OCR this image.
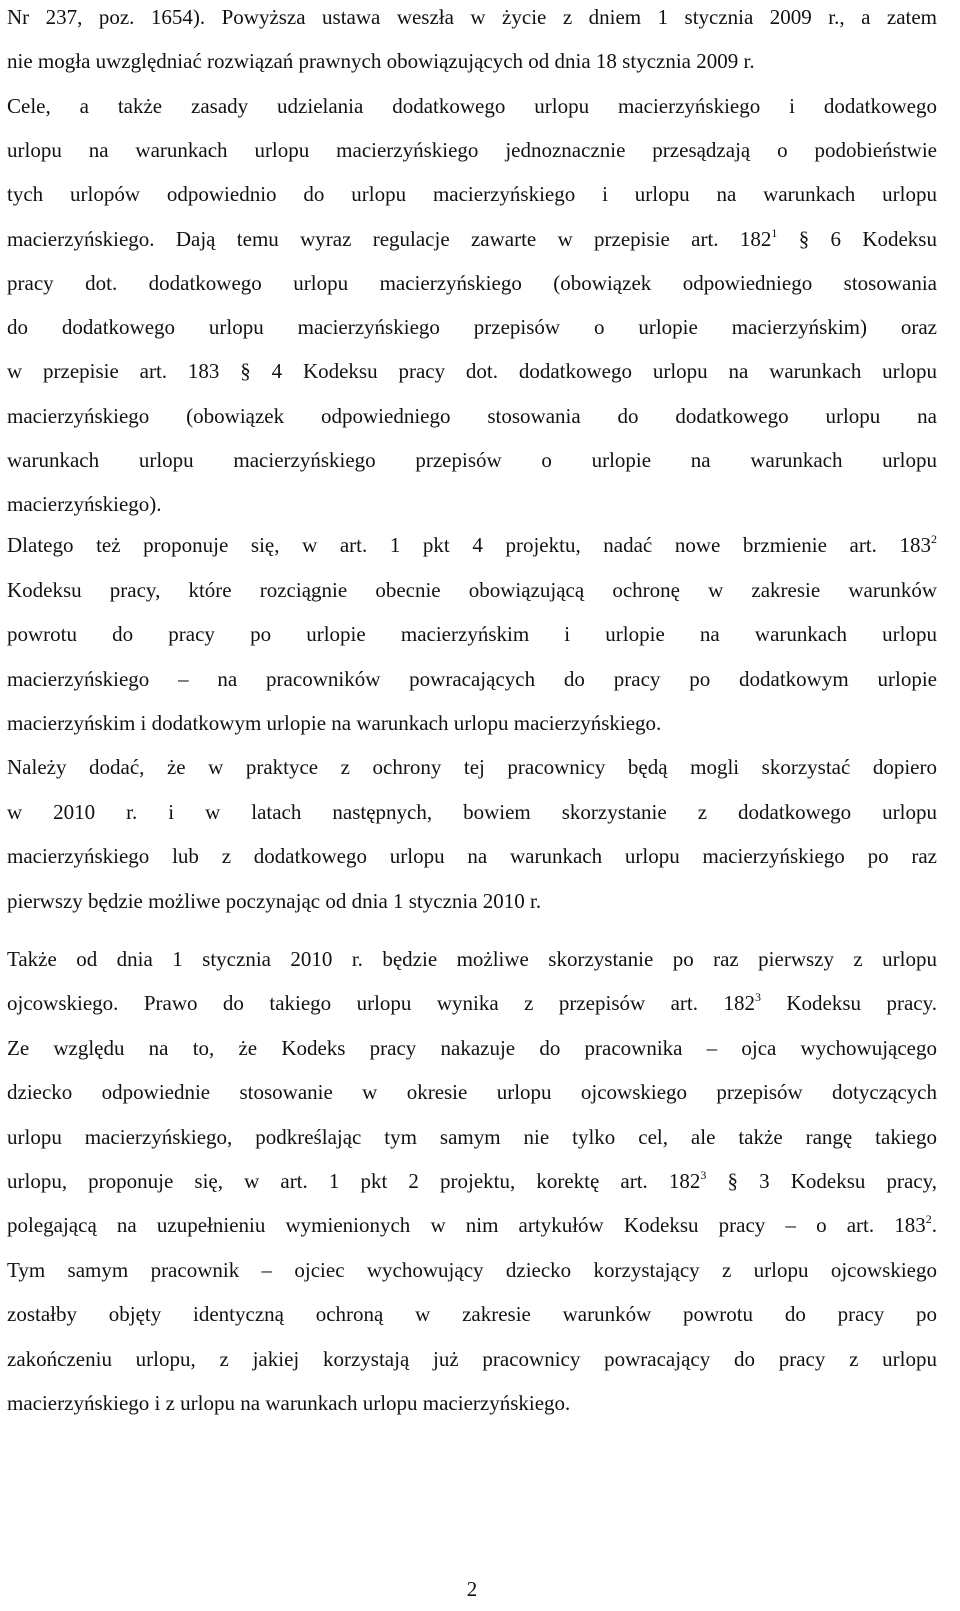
Nr 237, poz. 1654). Powyższa ustawa weszła w życie z dniem 1 stycznia 2009 r., a zatem
nie mogła uwzględniać rozwiązań prawnych obowiązujących od dnia 18 stycznia 2009 r.
Cele, a także zasady udzielania dodatkowego urlopu macierzyńskiego i dodatkowego
urlopu na warunkach urlopu macierzyńskiego jednoznacznie przesądzają o podobieństwie
tych urlopów odpowiednio do urlopu macierzyńskiego i urlopu na warunkach urlopu
macierzyńskiego. Dają temu wyraz regulacje zawarte w przepisie art. $182^1$ § 6 Kodeksu
pracy dot. dodatkowego urlopu macierzyńskiego (obowiązek odpowiedniego stosowania
do dodatkowego urlopu macierzyńskiego przepisów o urlopie macierzyńskim) oraz
w przepisie art. 183 § 4 Kodeksu pracy dot. dodatkowego urlopu na warunkach urlopu
macierzyńskiego (obowiązek odpowiedniego stosowania do dodatkowego urlopu na
warunkach urlopu macierzyńskiego przepisów o urlopie na warunkach urlopu
macierzyńskiego).
Dlatego też proponuje się, w art. 1 pkt 4 projektu, nadać nowe brzmienie art. $183^2$
Kodeksu pracy, które rozciągnie obecnie obowiązującą ochronę w zakresie warunków
powrotu do pracy po urlopie macierzyńskim i urlopie na warunkach urlopu
macierzyńskiego – na pracowników powracających do pracy po dodatkowym urlopie
macierzyńskim i dodatkowym urlopie na warunkach urlopu macierzyńskiego.
Należy dodać, że w praktyce z ochrony tej pracownicy będą mogli skorzystać dopiero
w 2010 r. i w latach następnych, bowiem skorzystanie z dodatkowego urlopu
macierzyńskiego lub z dodatkowego urlopu na warunkach urlopu macierzyńskiego po raz
pierwszy będzie możliwe poczynając od dnia 1 stycznia 2010 r.
Także od dnia 1 stycznia 2010 r. będzie możliwe skorzystanie po raz pierwszy z urlopu
ojcowskiego. Prawo do takiego urlopu wynika z przepisów art. $182^3$ Kodeksu pracy.
Ze względu na to, że Kodeks pracy nakazuje do pracownika – ojca wychowującego
dziecko odpowiednie stosowanie w okresie urlopu ojcowskiego przepisów dotyczących
urlopu macierzyńskiego, podkreślając tym samym nie tylko cel, ale także rangę takiego
urlopu, proponuje się, w art. 1 pkt 2 projektu, korektę art. $182^3$ § 3 Kodeksu pracy,
polegającą na uzupełnieniu wymienionych w nim artykułów Kodeksu pracy – o art. $183^2$.
Tym samym pracownik – ojciec wychowujący dziecko korzystający z urlopu ojcowskiego
zostałby objęty identyczną ochroną w zakresie warunków powrotu do pracy po
zakończeniu urlopu, z jakiej korzystają już pracownicy powracający do pracy z urlopu
macierzyńskiego i z urlopu na warunkach urlopu macierzyńskiego.
2
